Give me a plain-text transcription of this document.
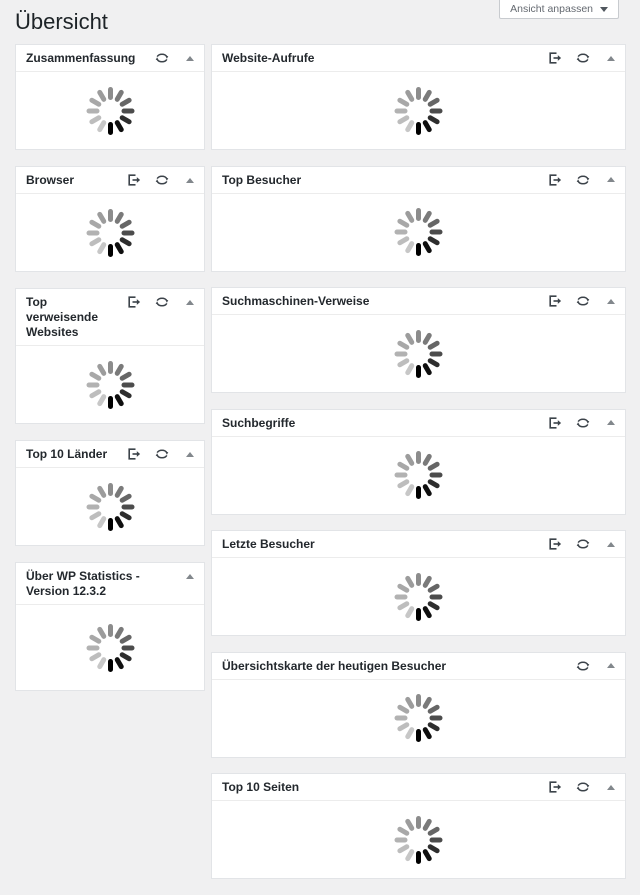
Übersicht	Ansicht anpassen
Zusammenfassung
Browser
Top verweisende Websites
Top 10 Länder
Über WP Statistics - Version 12.3.2
Website-Aufrufe
Top Besucher
Suchmaschinen-Verweise
Suchbegriffe
Letzte Besucher
Übersichtskarte der heutigen Besucher
Top 10 Seiten
